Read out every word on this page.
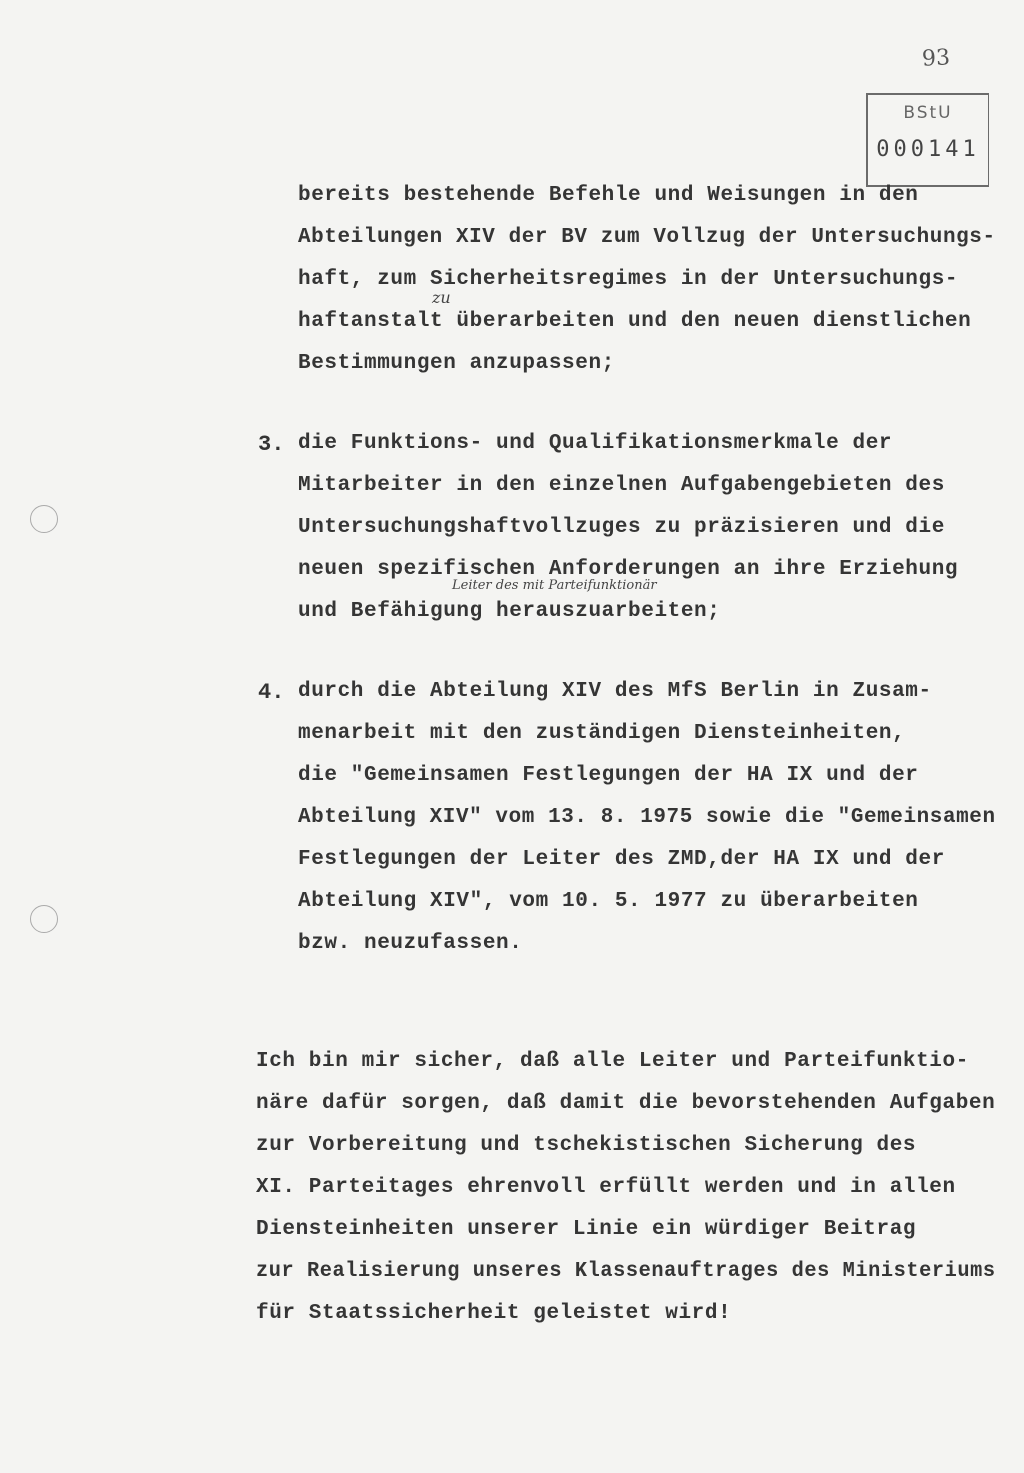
93
BStU
000141
bereits bestehende Befehle und Weisungen in den
Abteilungen XIV der BV zum Vollzug der Untersuchungs-
haft, zum Sicherheitsregimes in der Untersuchungs-
zu
haftanstalt überarbeiten und den neuen dienstlichen
Bestimmungen anzupassen;
3. die Funktions- und Qualifikationsmerkmale der
Mitarbeiter in den einzelnen Aufgabengebieten des
Untersuchungshaftvollzuges zu präzisieren und die
neuen spezifischen Anforderungen an ihre Erziehung
Leiter des mit Parteifunktionär
und Befähigung herauszuarbeiten;
4. durch die Abteilung XIV des MfS Berlin in Zusam-
menarbeit mit den zuständigen Diensteinheiten,
die "Gemeinsamen Festlegungen der HA IX und der
Abteilung XIV" vom 13. 8. 1975 sowie die "Gemeinsamen
Festlegungen der Leiter des ZMD,der HA IX und der
Abteilung XIV", vom 10. 5. 1977 zu überarbeiten
bzw. neuzufassen.
Ich bin mir sicher, daß alle Leiter und Parteifunktio-
näre dafür sorgen, daß damit die bevorstehenden Aufgaben
zur Vorbereitung und tschekistischen Sicherung des
XI. Parteitages ehrenvoll erfüllt werden und in allen
Diensteinheiten unserer Linie ein würdiger Beitrag
zur Realisierung unseres Klassenauftrages des Ministeriums
für Staatssicherheit geleistet wird!
